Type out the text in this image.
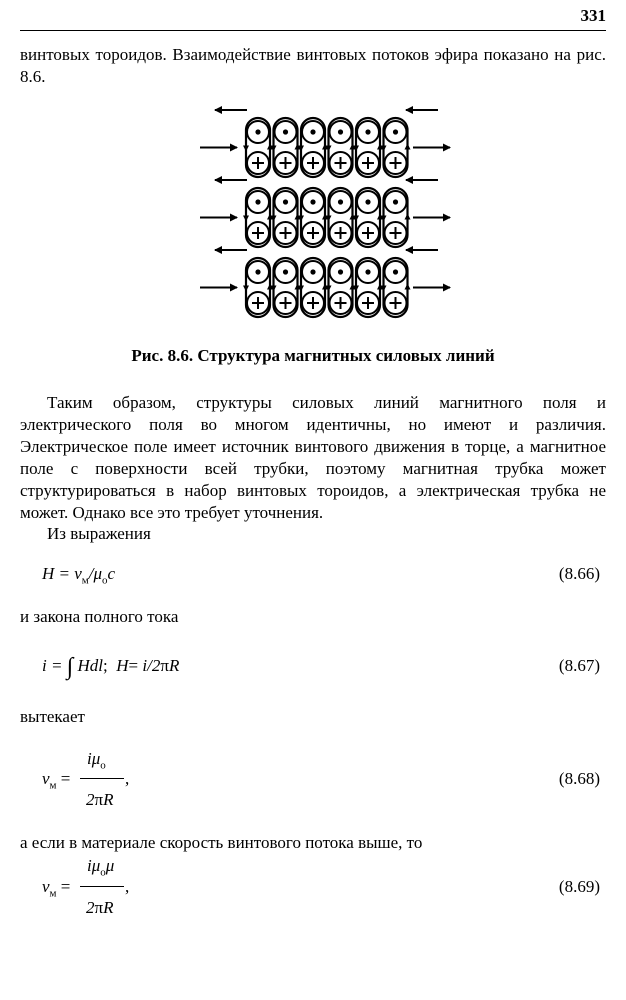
331

винтовых тороидов. Взаимодействие винтовых потоков эфира показано на рис. 8.6.

Рис. 8.6. Структура магнитных силовых линий

Таким образом, структуры силовых линий магнитного поля и электрического поля во многом идентичны, но имеют и различия. Электрическое поле имеет источник винтового движения в торце, а магнитное поле с поверхности всей трубки, поэтому магнитная трубка может структурироваться в набор винтовых тороидов, а электрическая трубка не может. Однако все это требует уточнения.

Из выражения

$H = v_м/\mu_оc$	(8.66)

и закона полного тока

i = ∫ Hdl;  H= i/2πR	(8.67)

вытекает

$v_м$ =
$i\mu_о$
,
2πR
(8.68)

а если в материале скорость винтового потока выше, то

$v_м$ =
$i\mu_о\mu$
,
2πR
(8.69)
